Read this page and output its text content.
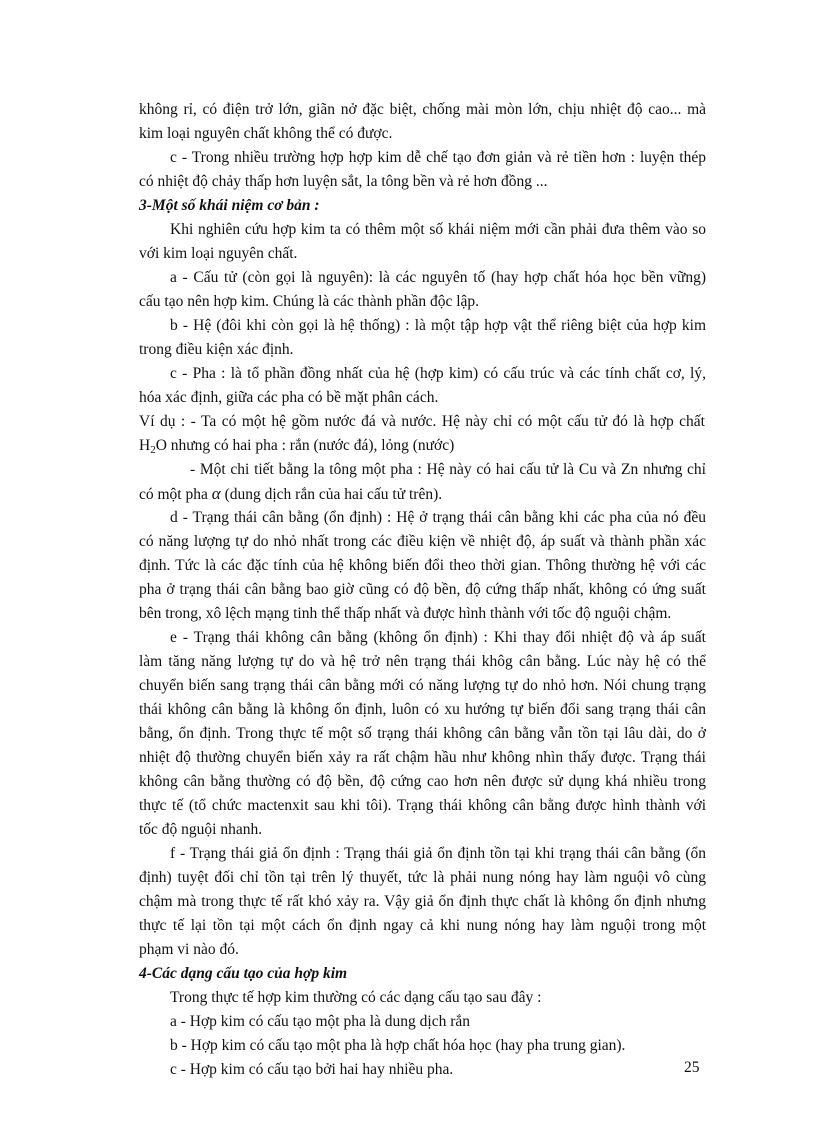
không rỉ, có điện trở lớn, giãn nở đặc biệt, chống mài mòn lớn, chịu nhiệt độ cao... mà
kim loại nguyên chất không thể có được.
c - Trong nhiều trường hợp hợp kim dễ chế tạo đơn giản và rẻ tiền hơn : luyện thép
có nhiệt độ chảy thấp hơn luyện sắt, la tông bền và rẻ hơn đồng ...
3-Một số khái niệm cơ bản :
Khi nghiên cứu hợp kim ta có thêm một số khái niệm mới cần phải đưa thêm vào so
với kim loại nguyên chất.
a - Cấu tử (còn gọi là nguyên): là các nguyên tố (hay hợp chất hóa học bền vững)
cấu tạo nên hợp kim. Chúng là các thành phần độc lập.
b - Hệ (đôi khi còn gọi là hệ thống) : là một tập hợp vật thể riêng biệt của hợp kim
trong điều kiện xác định.
c - Pha : là tổ phần đồng nhất của hệ (hợp kim) có cấu trúc và các tính chất cơ, lý,
hóa xác định, giữa các pha có bề mặt phân cách.
Ví dụ : - Ta có một hệ gồm nước đá và nước. Hệ này chỉ có một cấu tử đó là hợp chất
$H_2O$ nhưng có hai pha : rắn (nước đá), lỏng (nước)
- Một chi tiết bằng la tông một pha : Hệ này có hai cấu tử là Cu và Zn nhưng chỉ
có một pha α (dung dịch rắn của hai cấu tử trên).
d - Trạng thái cân bằng (ổn định) : Hệ ở trạng thái cân bằng khi các pha của nó đều
có năng lượng tự do nhỏ nhất trong các điều kiện về nhiệt độ, áp suất và thành phần xác
định. Tức là các đặc tính của hệ không biến đổi theo thời gian. Thông thường hệ với các
pha ở trạng thái cân bằng bao giờ cũng có độ bền, độ cứng thấp nhất, không có ứng suất
bên trong, xô lệch mạng tinh thể thấp nhất và được hình thành với tốc độ nguội chậm.
e - Trạng thái không cân bằng (không ổn định) : Khi thay đổi nhiệt độ và áp suất
làm tăng năng lượng tự do và hệ trở nên trạng thái khôg cân bằng. Lúc này hệ có thể
chuyển biến sang trạng thái cân bằng mới có năng lượng tự do nhỏ hơn. Nói chung trạng
thái không cân bằng là không ổn định, luôn có xu hướng tự biến đổi sang trạng thái cân
bằng, ổn định. Trong thực tế một số trạng thái không cân bằng vẫn tồn tại lâu dài, do ở
nhiệt độ thường chuyển biến xảy ra rất chậm hầu như không nhìn thấy được. Trạng thái
không cân bằng thường có độ bền, độ cứng cao hơn nên được sử dụng khá nhiều trong
thực tế (tổ chức mactenxit sau khi tôi). Trạng thái không cân bằng được hình thành với
tốc độ nguội nhanh.
f - Trạng thái giả ổn định : Trạng thái giả ổn định tồn tại khi trạng thái cân bằng (ổn
định) tuyệt đối chỉ tồn tại trên lý thuyết, tức là phải nung nóng hay làm nguội vô cùng
chậm mà trong thực tế rất khó xảy ra. Vậy giả ổn định thực chất là không ổn định nhưng
thực tế lại tồn tại một cách ổn định ngay cả khi nung nóng hay làm nguội trong một
phạm vi nào đó.
4-Các dạng cấu tạo của hợp kim
Trong thực tế hợp kim thường có các dạng cấu tạo sau đây :
a - Hợp kim có cấu tạo một pha là dung dịch rắn
b - Hợp kim có cấu tạo một pha là hợp chất hóa học (hay pha trung gian).
c - Hợp kim có cấu tạo bởi hai hay nhiều pha.	25
